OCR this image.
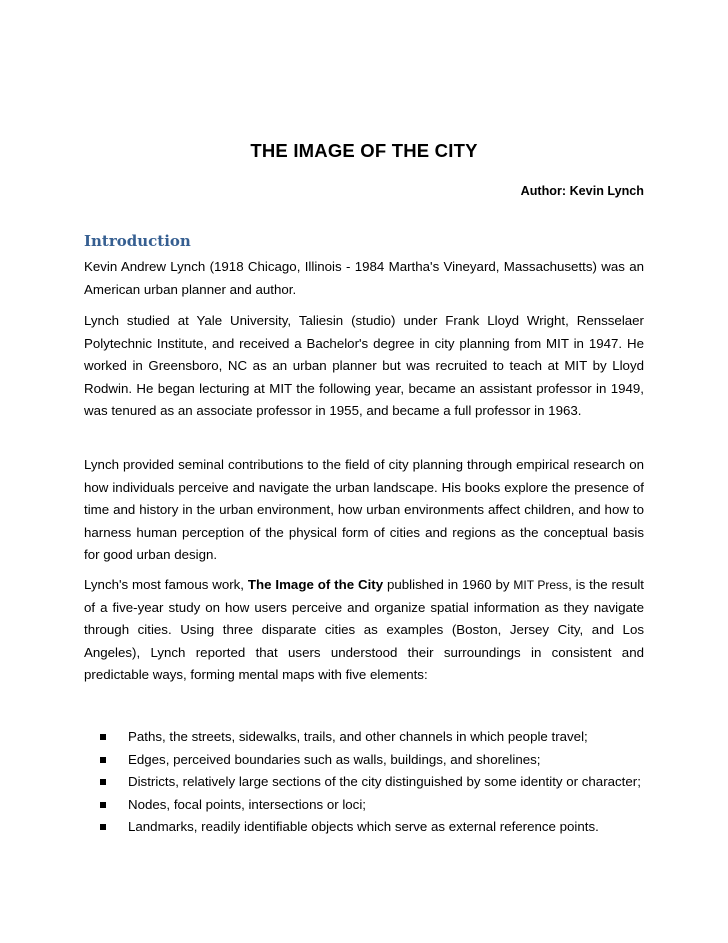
THE IMAGE OF THE CITY

Author: Kevin Lynch

Introduction

Kevin Andrew Lynch (1918 Chicago, Illinois - 1984 Martha's Vineyard, Massachusetts) was an American urban planner and author.

Lynch studied at Yale University, Taliesin (studio) under Frank Lloyd Wright, Rensselaer Polytechnic Institute, and received a Bachelor's degree in city planning from MIT in 1947. He worked in Greensboro, NC as an urban planner but was recruited to teach at MIT by Lloyd Rodwin. He began lecturing at MIT the following year, became an assistant professor in 1949, was tenured as an associate professor in 1955, and became a full professor in 1963.

Lynch provided seminal contributions to the field of city planning through empirical research on how individuals perceive and navigate the urban landscape. His books explore the presence of time and history in the urban environment, how urban environments affect children, and how to harness human perception of the physical form of cities and regions as the conceptual basis for good urban design.

Lynch's most famous work, The Image of the City published in 1960 by MIT Press, is the result of a five-year study on how users perceive and organize spatial information as they navigate through cities. Using three disparate cities as examples (Boston, Jersey City, and Los Angeles), Lynch reported that users understood their surroundings in consistent and predictable ways, forming mental maps with five elements:

Paths, the streets, sidewalks, trails, and other channels in which people travel;
Edges, perceived boundaries such as walls, buildings, and shorelines;
Districts, relatively large sections of the city distinguished by some identity or character;
Nodes, focal points, intersections or loci;
Landmarks, readily identifiable objects which serve as external reference points.
